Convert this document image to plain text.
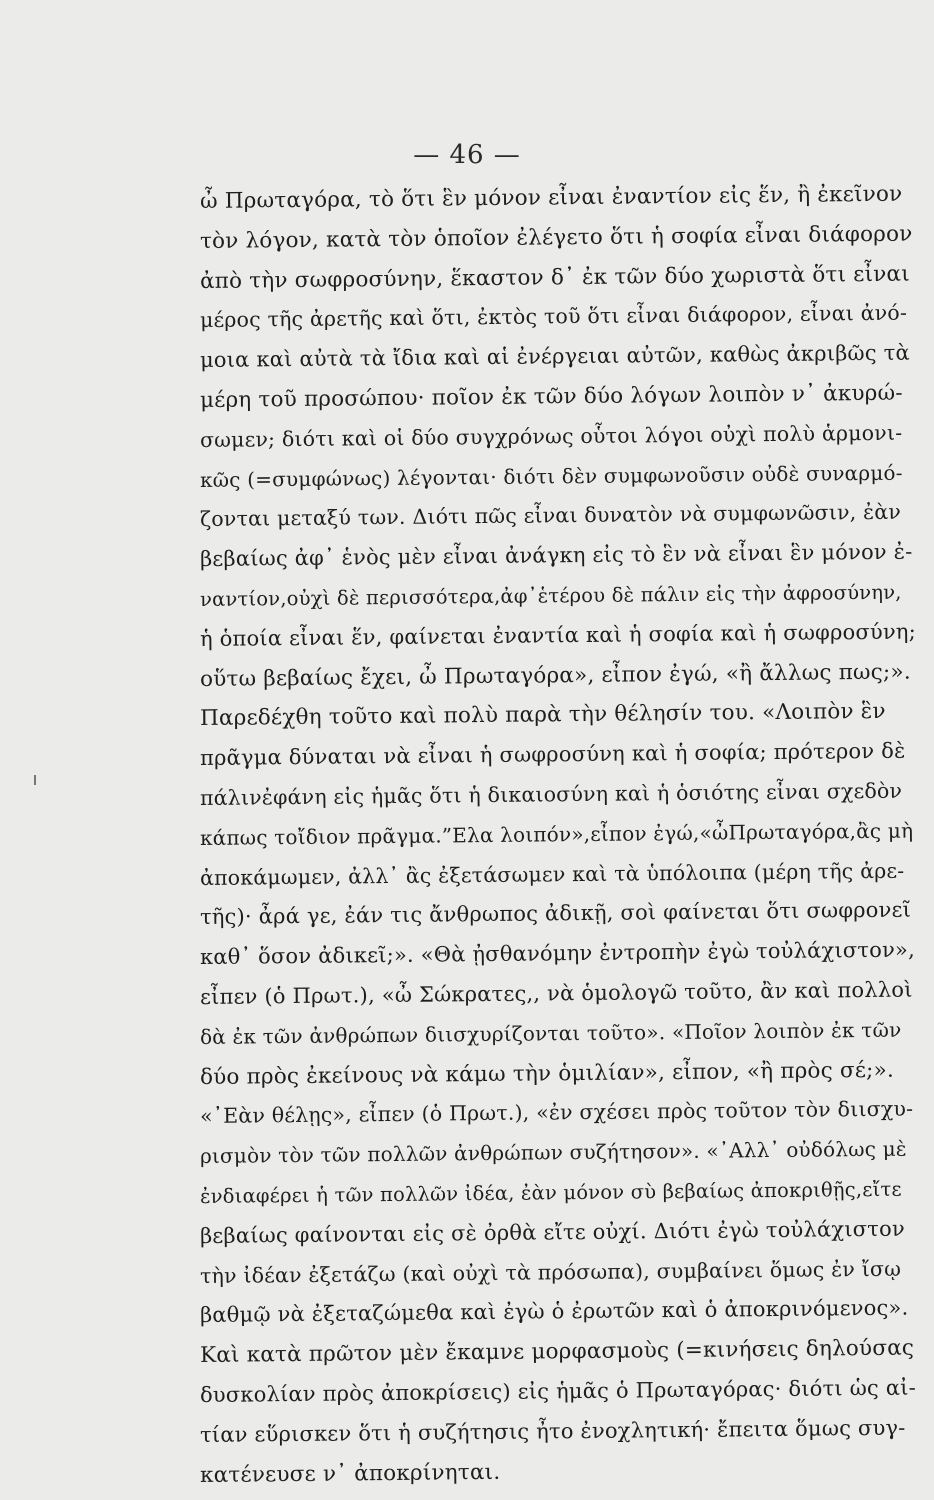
— 46 —
ὦ Πρωταγόρα, τὸ ὅτι ἓν μόνον εἶναι ἐναντίον εἰς ἕν, ἢ ἐκεῖνον
τὸν λόγον, κατὰ τὸν ὁποῖον ἐλέγετο ὅτι ἡ σοφία εἶναι διάφορον
ἀπὸ τὴν σωφροσύνην, ἕκαστον δ᾽ ἐκ τῶν δύο χωριστὰ ὅτι εἶναι
μέρος τῆς ἀρετῆς καὶ ὅτι, ἐκτὸς τοῦ ὅτι εἶναι διάφορον, εἶναι ἀνό-
μοια καὶ αὐτὰ τὰ ἴδια καὶ αἱ ἐνέργειαι αὐτῶν, καθὼς ἀκριβῶς τὰ
μέρη τοῦ προσώπου· ποῖον ἐκ τῶν δύο λόγων λοιπὸν ν᾽ ἀκυρώ-
σωμεν; διότι καὶ οἱ δύο συγχρόνως οὗτοι λόγοι οὐχὶ πολὺ ἁρμονι-
κῶς (=συμφώνως) λέγονται· διότι δὲν συμφωνοῦσιν οὐδὲ συναρμό-
ζονται μεταξύ των. Διότι πῶς εἶναι δυνατὸν νὰ συμφωνῶσιν, ἐὰν
βεβαίως ἀφ᾽ ἑνὸς μὲν εἶναι ἀνάγκη εἰς τὸ ἓν νὰ εἶναι ἓν μόνον ἐ-
ναντίον,οὐχὶ δὲ περισσότερα,ἀφ᾽ἑτέρου δὲ πάλιν εἰς τὴν ἀφροσύνην,
ἡ ὁποία εἶναι ἕν, φαίνεται ἐναντία καὶ ἡ σοφία καὶ ἡ σωφροσύνη;
οὕτω βεβαίως ἔχει, ὦ Πρωταγόρα», εἶπον ἐγώ, «ἢ ἄλλως πως;».
Παρεδέχθη τοῦτο καὶ πολὺ παρὰ τὴν θέλησίν του. «Λοιπὸν ἓν
πρᾶγμα δύναται νὰ εἶναι ἡ σωφροσύνη καὶ ἡ σοφία; πρότερον δὲ
πάλινἐφάνη εἰς ἡμᾶς ὅτι ἡ δικαιοσύνη καὶ ἡ ὁσιότης εἶναι σχεδὸν
κάπως τοἴδιον πρᾶγμα.”Ελα λοιπόν»,εἶπον ἐγώ,«ὦΠρωταγόρα,ἂς μὴ
ἀποκάμωμεν, ἀλλ᾽ ἂς ἐξετάσωμεν καὶ τὰ ὑπόλοιπα (μέρη τῆς ἀρε-
τῆς)· ἆρά γε, ἐάν τις ἄνθρωπος ἀδικῇ, σοὶ φαίνεται ὅτι σωφρονεῖ
καθ᾽ ὅσον ἀδικεῖ;». «Θὰ ᾐσθανόμην ἐντροπὴν ἐγὼ τοὐλάχιστον»,
εἶπεν (ὁ Πρωτ.), «ὦ Σώκρατες,, νὰ ὁμολογῶ τοῦτο, ἂν καὶ πολλοὶ
δὰ ἐκ τῶν ἀνθρώπων διισχυρίζονται τοῦτο». «Ποῖον λοιπὸν ἐκ τῶν
δύο πρὸς ἐκείνους νὰ κάμω τὴν ὁμιλίαν», εἶπον, «ἢ πρὸς σέ;».
«᾽Εὰν θέλῃς», εἶπεν (ὁ Πρωτ.), «ἐν σχέσει πρὸς τοῦτον τὸν διισχυ-
ρισμὸν τὸν τῶν πολλῶν ἀνθρώπων συζήτησον». «᾽Αλλ᾽ οὐδόλως μὲ
ἐνδιαφέρει ἡ τῶν πολλῶν ἰδέα, ἐὰν μόνον σὺ βεβαίως ἀποκριθῇς,εἴτε
βεβαίως φαίνονται εἰς σὲ ὀρθὰ εἴτε οὐχί. Διότι ἐγὼ τοὐλάχιστον
τὴν ἰδέαν ἐξετάζω (καὶ οὐχὶ τὰ πρόσωπα), συμβαίνει ὅμως ἐν ἴσῳ
βαθμῷ νὰ ἐξεταζώμεθα καὶ ἐγὼ ὁ ἐρωτῶν καὶ ὁ ἀποκρινόμενος».
Καὶ κατὰ πρῶτον μὲν ἔκαμνε μορφασμοὺς (=κινήσεις δηλούσας
δυσκολίαν πρὸς ἀποκρίσεις) εἰς ἡμᾶς ὁ Πρωταγόρας· διότι ὡς αἰ-
τίαν εὕρισκεν ὅτι ἡ συζήτησις ἦτο ἐνοχλητική· ἔπειτα ὅμως συγ-
κατένευσε ν᾽ ἀποκρίνηται.
